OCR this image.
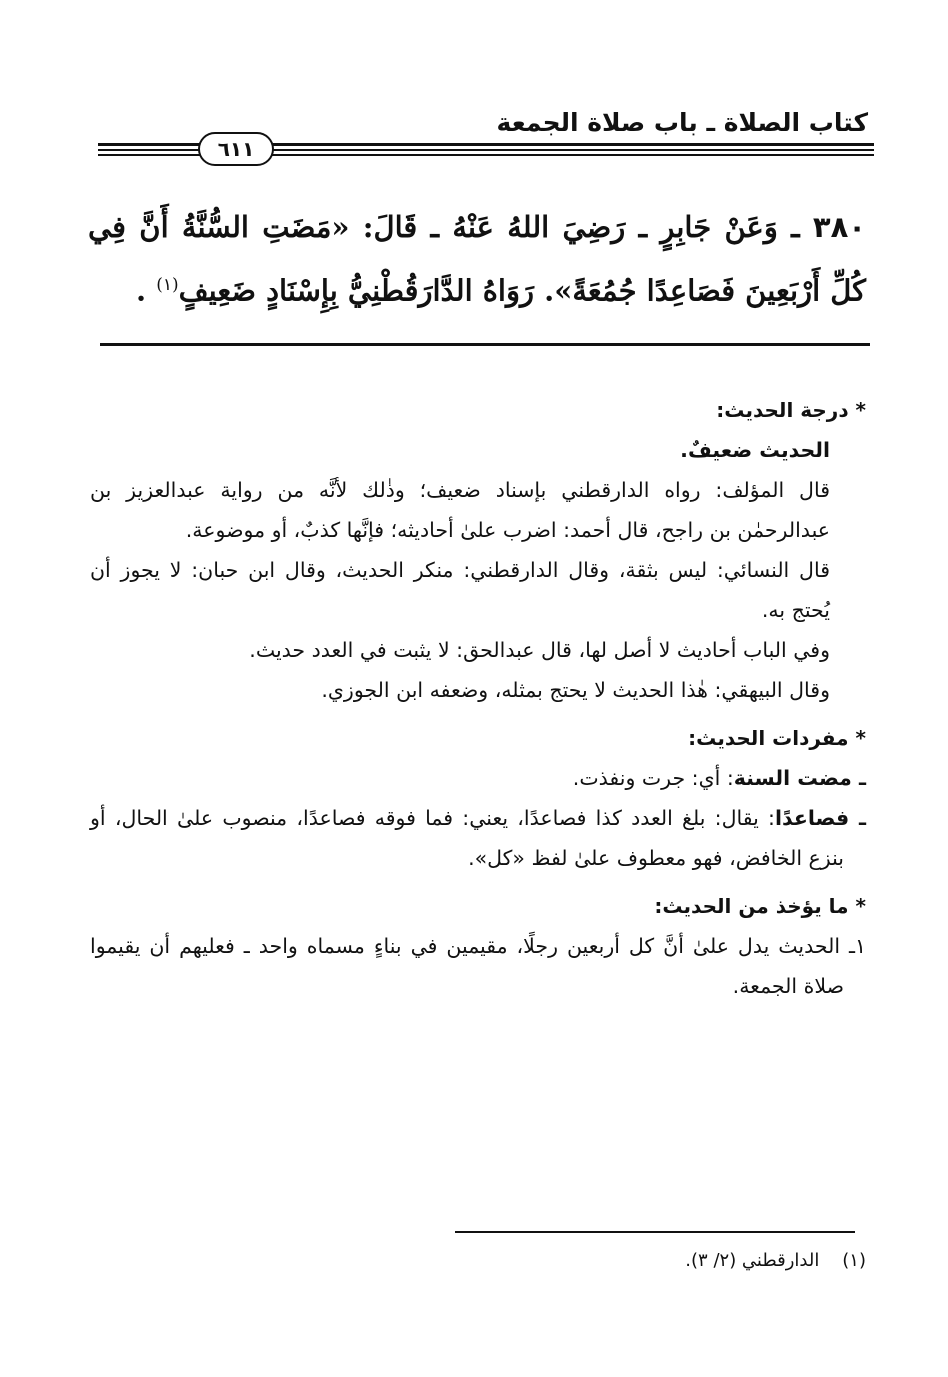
كتاب الصلاة ـ باب صلاة الجمعة
٦١١
٣٨٠ ـ وَعَنْ جَابِرٍ ـ رَضِيَ اللهُ عَنْهُ ـ قَالَ: «مَضَتِ السُّنَّةُ أَنَّ فِي كُلِّ أَرْبَعِينَ فَصَاعِدًا جُمُعَةً». رَوَاهُ الدَّارَقُطْنِيُّ بِإِسْنَادٍ ضَعِيفٍ$^{(١)}$ .

* درجة الحديث:

الحديث ضعيفٌ.

قال المؤلف: رواه الدارقطني بإسناد ضعيف؛ وذٰلك لأنَّه من رواية عبدالعزيز بن عبدالرحمٰن بن راجح، قال أحمد: اضرب علىٰ أحاديثه؛ فإنَّها كذبٌ، أو موضوعة.

قال النسائي: ليس بثقة، وقال الدارقطني: منكر الحديث، وقال ابن حبان: لا يجوز أن يُحتج به.

وفي الباب أحاديث لا أصل لها، قال عبدالحق: لا يثبت في العدد حديث.

وقال البيهقي: هٰذا الحديث لا يحتج بمثله، وضعفه ابن الجوزي.

* مفردات الحديث:

ـ مضت السنة: أي: جرت ونفذت.

ـ فصاعدًا: يقال: بلغ العدد كذا فصاعدًا، يعني: فما فوقه فصاعدًا، منصوب علىٰ الحال، أو بنزع الخافض، فهو معطوف علىٰ لفظ «كل».

* ما يؤخذ من الحديث:

١ـ الحديث يدل علىٰ أنَّ كل أربعين رجلًا، مقيمين في بناءٍ مسماه واحد ـ فعليهم أن يقيموا صلاة الجمعة.

(١)    الدارقطني (٢/ ٣).
